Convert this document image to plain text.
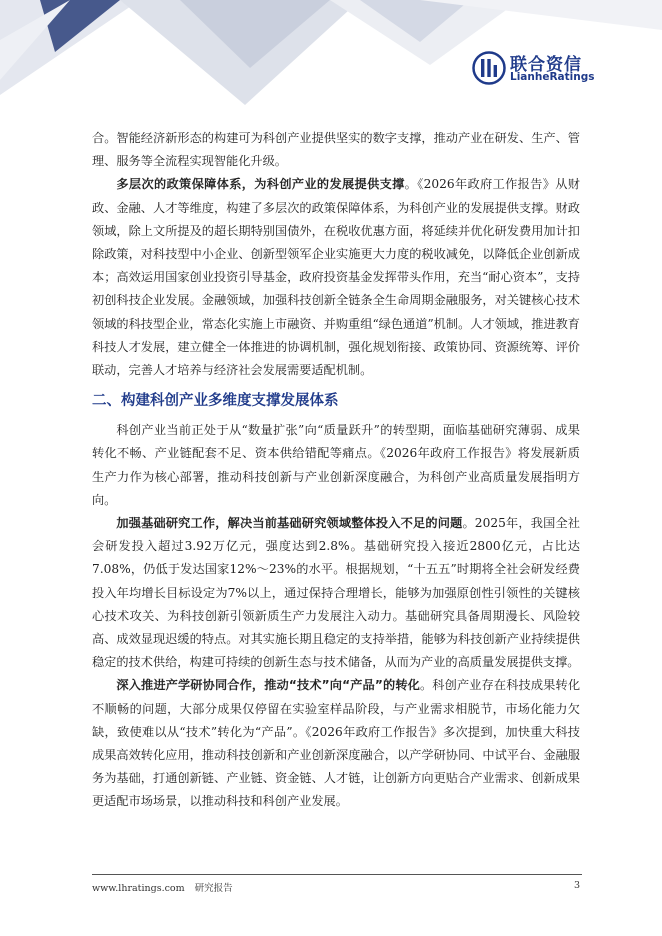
联合资信
LianheRatings

合。智能经济新形态的构建可为科创产业提供坚实的数字支撑，推动产业在研发、生产、管理、服务等全流程实现智能化升级。

多层次的政策保障体系，为科创产业的发展提供支撑。《2026年政府工作报告》从财政、金融、人才等维度，构建了多层次的政策保障体系，为科创产业的发展提供支撑。财政领域，除上文所提及的超长期特别国债外，在税收优惠方面，将延续并优化研发费用加计扣除政策，对科技型中小企业、创新型领军企业实施更大力度的税收减免，以降低企业创新成本；高效运用国家创业投资引导基金，政府投资基金发挥带头作用，充当“耐心资本”，支持初创科技企业发展。金融领域，加强科技创新全链条全生命周期金融服务，对关键核心技术领域的科技型企业，常态化实施上市融资、并购重组“绿色通道”机制。人才领域，推进教育科技人才发展，建立健全一体推进的协调机制，强化规划衔接、政策协同、资源统筹、评价联动，完善人才培养与经济社会发展需要适配机制。

二、构建科创产业多维度支撑发展体系

科创产业当前正处于从“数量扩张”向“质量跃升”的转型期，面临基础研究薄弱、成果转化不畅、产业链配套不足、资本供给错配等痛点。《2026年政府工作报告》将发展新质生产力作为核心部署，推动科技创新与产业创新深度融合，为科创产业高质量发展指明方向。

加强基础研究工作，解决当前基础研究领域整体投入不足的问题。2025年，我国全社会研发投入超过3.92万亿元，强度达到2.8%。基础研究投入接近2800亿元，占比达7.08%，仍低于发达国家12%～23%的水平。根据规划，“十五五”时期将全社会研发经费投入年均增长目标设定为7%以上，通过保持合理增长，能够为加强原创性引领性的关键核心技术攻关、为科技创新引领新质生产力发展注入动力。基础研究具备周期漫长、风险较高、成效显现迟缓的特点。对其实施长期且稳定的支持举措，能够为科技创新产业持续提供稳定的技术供给，构建可持续的创新生态与技术储备，从而为产业的高质量发展提供支撑。

深入推进产学研协同合作，推动“技术”向“产品”的转化。科创产业存在科技成果转化不顺畅的问题，大部分成果仅停留在实验室样品阶段，与产业需求相脱节，市场化能力欠缺，致使难以从“技术”转化为“产品”。《2026年政府工作报告》多次提到，加快重大科技成果高效转化应用，推动科技创新和产业创新深度融合，以产学研协同、中试平台、金融服务为基础，打通创新链、产业链、资金链、人才链，让创新方向更贴合产业需求、创新成果更适配市场场景，以推动科技和科创产业发展。

www.lhratings.com 研究报告	3
